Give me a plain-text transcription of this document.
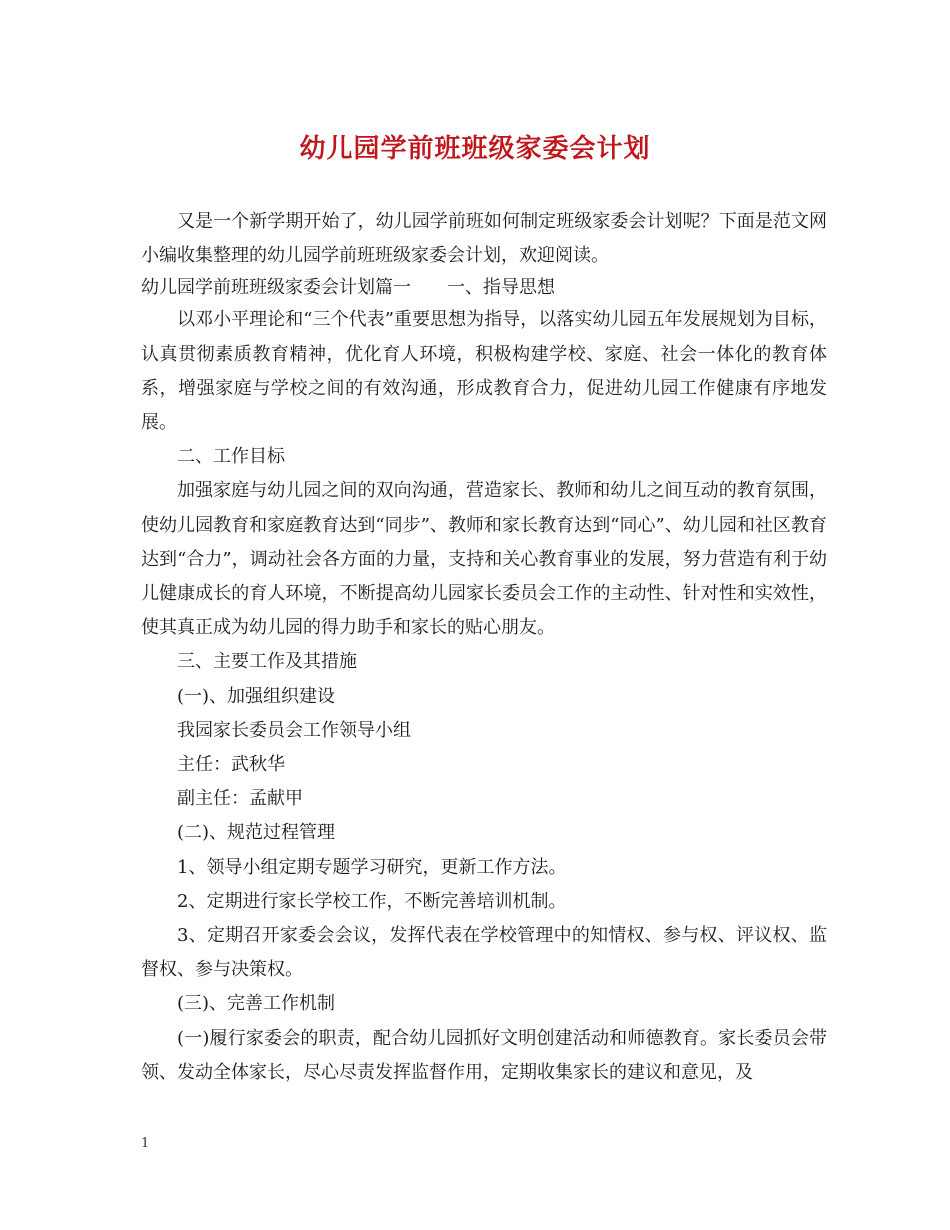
幼儿园学前班班级家委会计划

又是一个新学期开始了，幼儿园学前班如何制定班级家委会计划呢？下面是范文网小编收集整理的幼儿园学前班班级家委会计划，欢迎阅读。

幼儿园学前班班级家委会计划篇一 一、指导思想

以邓小平理论和“三个代表”重要思想为指导，以落实幼儿园五年发展规划为目标，认真贯彻素质教育精神，优化育人环境，积极构建学校、家庭、社会一体化的教育体系，增强家庭与学校之间的有效沟通，形成教育合力，促进幼儿园工作健康有序地发展。

二、工作目标

加强家庭与幼儿园之间的双向沟通，营造家长、教师和幼儿之间互动的教育氛围，使幼儿园教育和家庭教育达到“同步”、教师和家长教育达到“同心”、幼儿园和社区教育达到“合力”，调动社会各方面的力量，支持和关心教育事业的发展，努力营造有利于幼儿健康成长的育人环境，不断提高幼儿园家长委员会工作的主动性、针对性和实效性，使其真正成为幼儿园的得力助手和家长的贴心朋友。

三、主要工作及其措施

(一)、加强组织建设

我园家长委员会工作领导小组

主任：武秋华

副主任：孟献甲

(二)、规范过程管理

1、领导小组定期专题学习研究，更新工作方法。

2、定期进行家长学校工作，不断完善培训机制。

3、定期召开家委会会议，发挥代表在学校管理中的知情权、参与权、评议权、监督权、参与决策权。

(三)、完善工作机制

(一)履行家委会的职责，配合幼儿园抓好文明创建活动和师德教育。家长委员会带领、发动全体家长，尽心尽责发挥监督作用，定期收集家长的建议和意见，及

1
